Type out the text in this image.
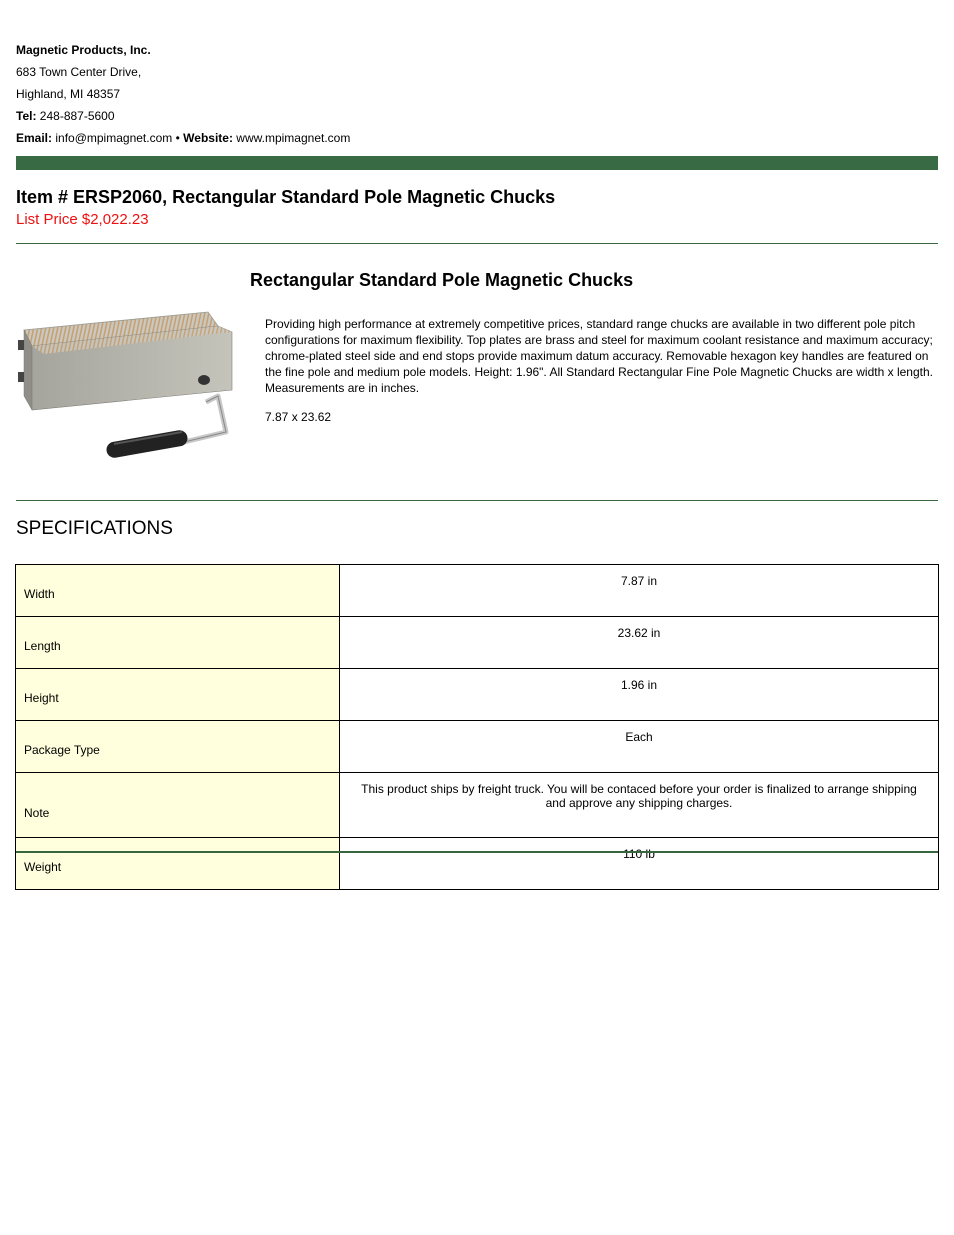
Magnetic Products, Inc.
683 Town Center Drive,
Highland, MI 48357
Tel: 248-887-5600
Email: info@mpimagnet.com • Website: www.mpimagnet.com
Item # ERSP2060, Rectangular Standard Pole Magnetic Chucks
List Price $2,022.23
Rectangular Standard Pole Magnetic Chucks
Providing high performance at extremely competitive prices, standard range chucks are available in two different pole pitch configurations for maximum flexibility. Top plates are brass and steel for maximum coolant resistance and maximum accuracy; chrome-plated steel side and end stops provide maximum datum accuracy. Removable hexagon key handles are featured on the fine pole and medium pole models. Height: 1.96". All Standard Rectangular Fine Pole Magnetic Chucks are width x length. Measurements are in inches.
7.87 x 23.62
SPECIFICATIONS
Width	7.87 in

Length	23.62 in

Height	1.96 in

Package Type	Each

Note	This product ships by freight truck. You will be contaced before your order is finalized to arrange shipping and approve any shipping charges.

Weight	110 lb
